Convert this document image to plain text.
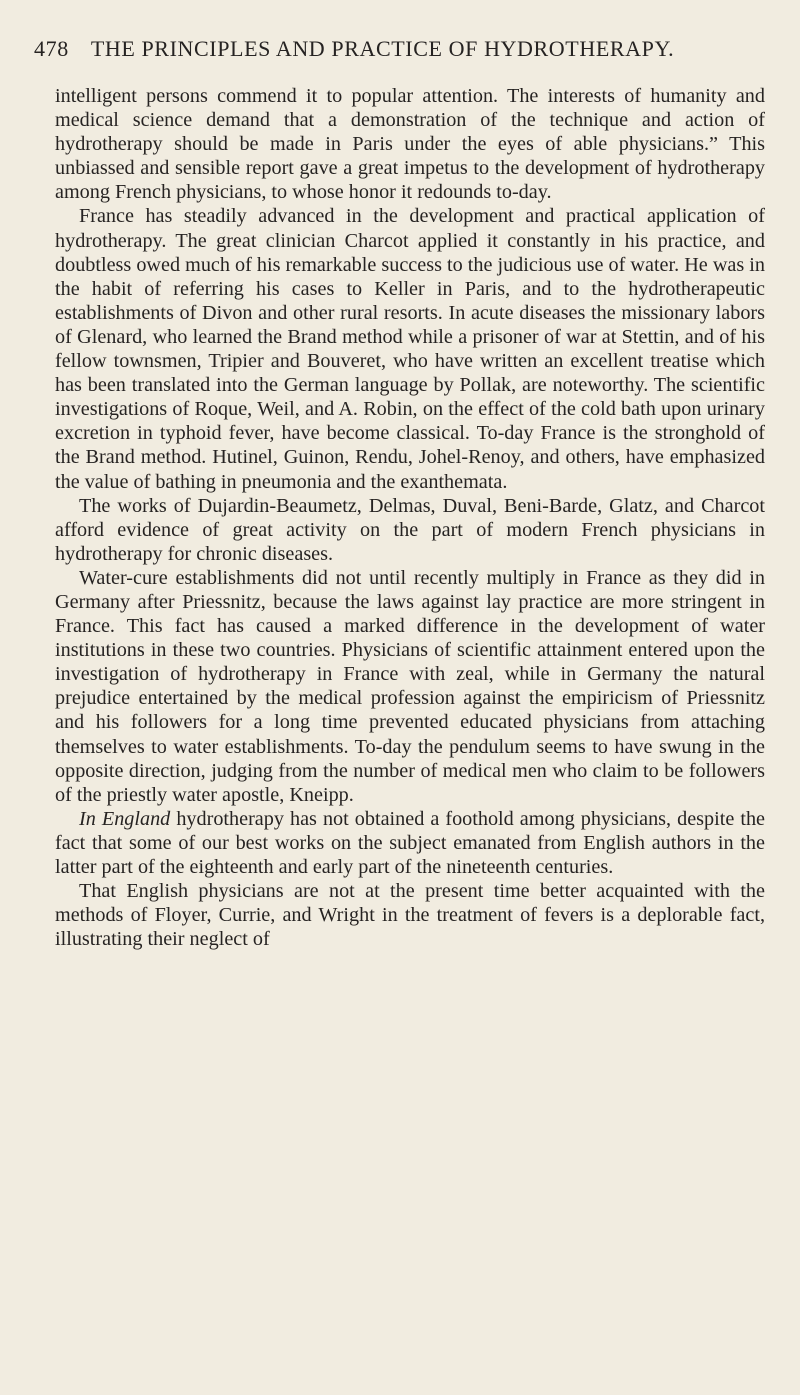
478 THE PRINCIPLES AND PRACTICE OF HYDROTHERAPY.

intelligent persons commend it to popular attention. The interests of humanity and medical science demand that a demonstration of the technique and action of hydrotherapy should be made in Paris under the eyes of able physicians.” This unbiassed and sensible report gave a great impetus to the development of hydrotherapy among French physicians, to whose honor it redounds to-day.

France has steadily advanced in the development and practical application of hydrotherapy. The great clinician Charcot applied it constantly in his practice, and doubtless owed much of his remarkable success to the judicious use of water. He was in the habit of referring his cases to Keller in Paris, and to the hydrotherapeutic establishments of Divon and other rural resorts. In acute diseases the missionary labors of Glenard, who learned the Brand method while a prisoner of war at Stettin, and of his fellow townsmen, Tripier and Bouveret, who have written an excellent treatise which has been translated into the German language by Pollak, are noteworthy. The scientific investigations of Roque, Weil, and A. Robin, on the effect of the cold bath upon urinary excretion in typhoid fever, have become classical. To-day France is the stronghold of the Brand method. Hutinel, Guinon, Rendu, Johel-Renoy, and others, have emphasized the value of bathing in pneumonia and the exanthemata.

The works of Dujardin-Beaumetz, Delmas, Duval, Beni-Barde, Glatz, and Charcot afford evidence of great activity on the part of modern French physicians in hydrotherapy for chronic diseases.

Water-cure establishments did not until recently multiply in France as they did in Germany after Priessnitz, because the laws against lay practice are more stringent in France. This fact has caused a marked difference in the development of water institutions in these two countries. Physicians of scientific attainment entered upon the investigation of hydrotherapy in France with zeal, while in Germany the natural prejudice entertained by the medical profession against the empiricism of Priessnitz and his followers for a long time prevented educated physicians from attaching themselves to water establishments. To-day the pendulum seems to have swung in the opposite direction, judging from the number of medical men who claim to be followers of the priestly water apostle, Kneipp.

In England hydrotherapy has not obtained a foothold among physicians, despite the fact that some of our best works on the subject emanated from English authors in the latter part of the eighteenth and early part of the nineteenth centuries.

That English physicians are not at the present time better acquainted with the methods of Floyer, Currie, and Wright in the treatment of fevers is a deplorable fact, illustrating their neglect of
